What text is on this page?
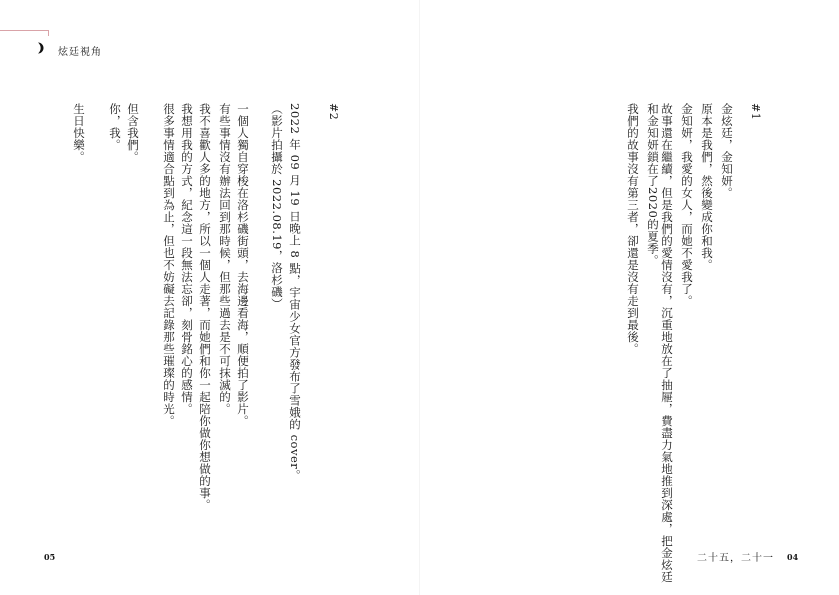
炫廷視角
#1
金炫廷，金知妍。
原本是我們，然後變成你和我。
金知妍，我愛的女人，而她不愛我了。
故事還在繼續，但是我們的愛情沒有，沉重地放在了抽屜，費盡力氣地推到深處，把金炫廷
和金知妍鎖在了2020的夏季。
我們的故事沒有第三者，卻還是沒有走到最後。
#2
2022 年 09 月 19 日晚上 8 點，宇宙少女官方發布了雪娥的 cover。
（影片拍攝於 2022.08.19，洛杉磯）
一個人獨自穿梭在洛杉磯街頭，去海邊看海，順便拍了影片。
有些事情沒有辦法回到那時候，但那些過去是不可抹滅的。
我不喜歡人多的地方，所以一個人走著，而她們和你一起陪你做你想做的事。
我想用我的方式，紀念這一段無法忘卻，刻骨銘心的感情。
很多事情適合點到為止，但也不妨礙去記錄那些璀璨的時光。
但含我們。
你，我。
生日快樂。
05	二十五，二十一 04
